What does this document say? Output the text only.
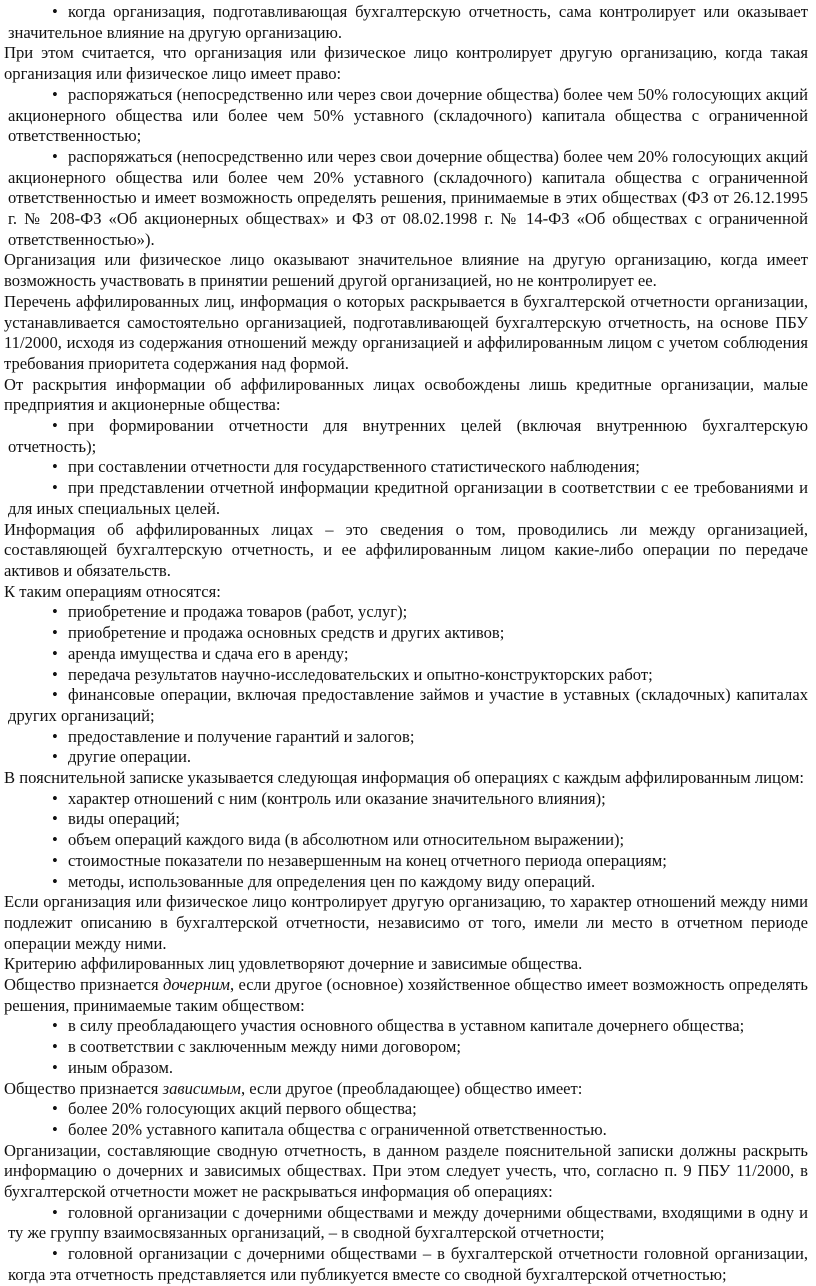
• когда организация, подготавливающая бухгалтерскую отчетность, сама контролирует или оказывает значительное влияние на другую организацию.

При этом считается, что организация или физическое лицо контролирует другую организацию, когда такая организация или физическое лицо имеет право:

• распоряжаться (непосредственно или через свои дочерние общества) более чем 50% голосующих акций акционерного общества или более чем 50% уставного (складочного) капитала общества с ограниченной ответственностью;

• распоряжаться (непосредственно или через свои дочерние общества) более чем 20% голосующих акций акционерного общества или более чем 20% уставного (складочного) капитала общества с ограниченной ответственностью и имеет возможность определять решения, принимаемые в этих обществах (ФЗ от 26.12.1995 г. № 208-ФЗ «Об акционерных обществах» и ФЗ от 08.02.1998 г. № 14-ФЗ «Об обществах с ограниченной ответственностью»).

Организация или физическое лицо оказывают значительное влияние на другую организацию, когда имеет возможность участвовать в принятии решений другой организацией, но не контролирует ее.

Перечень аффилированных лиц, информация о которых раскрывается в бухгалтерской отчетности организации, устанавливается самостоятельно организацией, подготавливающей бухгалтерскую отчетность, на основе ПБУ 11/2000, исходя из содержания отношений между организацией и аффилированным лицом с учетом соблюдения требования приоритета содержания над формой.

От раскрытия информации об аффилированных лицах освобождены лишь кредитные организации, малые предприятия и акционерные общества:

• при формировании отчетности для внутренних целей (включая внутреннюю бухгалтерскую отчетность);

• при составлении отчетности для государственного статистического наблюдения;

• при представлении отчетной информации кредитной организации в соответствии с ее требованиями и для иных специальных целей.

Информация об аффилированных лицах – это сведения о том, проводились ли между организацией, составляющей бухгалтерскую отчетность, и ее аффилированным лицом какие-либо операции по передаче активов и обязательств.

К таким операциям относятся:

• приобретение и продажа товаров (работ, услуг);

• приобретение и продажа основных средств и других активов;

• аренда имущества и сдача его в аренду;

• передача результатов научно-исследовательских и опытно-конструкторских работ;

• финансовые операции, включая предоставление займов и участие в уставных (складочных) капиталах других организаций;

• предоставление и получение гарантий и залогов;

• другие операции.

В пояснительной записке указывается следующая информация об операциях с каждым аффилированным лицом:

• характер отношений с ним (контроль или оказание значительного влияния);

• виды операций;

• объем операций каждого вида (в абсолютном или относительном выражении);

• стоимостные показатели по незавершенным на конец отчетного периода операциям;

• методы, использованные для определения цен по каждому виду операций.

Если организация или физическое лицо контролирует другую организацию, то характер отношений между ними подлежит описанию в бухгалтерской отчетности, независимо от того, имели ли место в отчетном периоде операции между ними.

Критерию аффилированных лиц удовлетворяют дочерние и зависимые общества.

Общество признается дочерним, если другое (основное) хозяйственное общество имеет возможность определять решения, принимаемые таким обществом:

• в силу преобладающего участия основного общества в уставном капитале дочернего общества;

• в соответствии с заключенным между ними договором;

• иным образом.

Общество признается зависимым, если другое (преобладающее) общество имеет:

• более 20% голосующих акций первого общества;

• более 20% уставного капитала общества с ограниченной ответственностью.

Организации, составляющие сводную отчетность, в данном разделе пояснительной записки должны раскрыть информацию о дочерних и зависимых обществах. При этом следует учесть, что, согласно п. 9 ПБУ 11/2000, в бухгалтерской отчетности может не раскрываться информация об операциях:

• головной организации с дочерними обществами и между дочерними обществами, входящими в одну и ту же группу взаимосвязанных организаций, – в сводной бухгалтерской отчетности;

• головной организации с дочерними обществами – в бухгалтерской отчетности головной организации, когда эта отчетность представляется или публикуется вместе со сводной бухгалтерской отчетностью;
